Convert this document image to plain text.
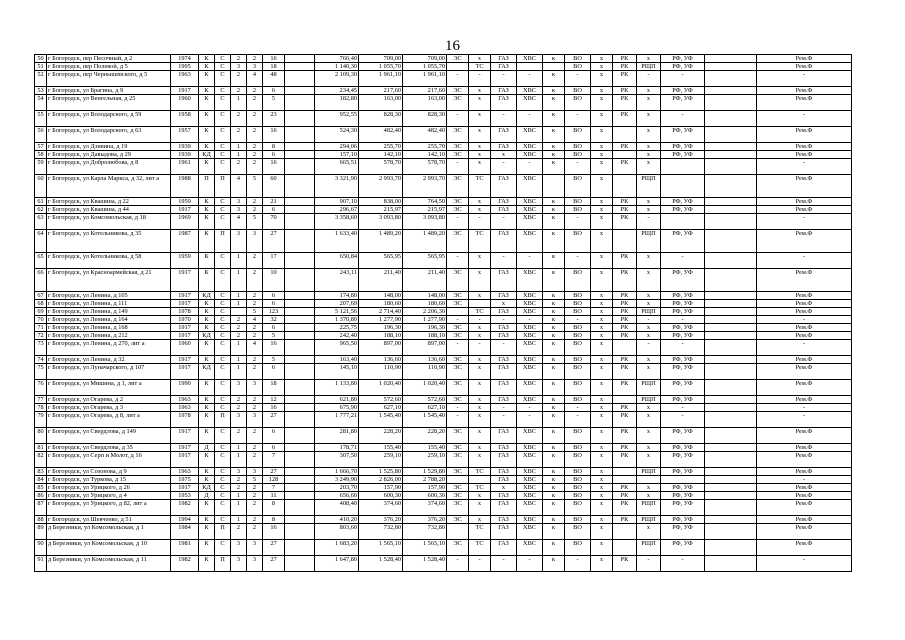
16
50	г Богородск, пер Песочный, д 2	1974	К	С	2	2	16		766,40	709,00	709,00	ЭС	х	ГАЗ	ХВС	к	ВО	х	РК	х	РФ, УФ		Рем.Ф
51	г Богородск, пер Полевой, д 5	1995	К	С	3	3	18		1 140,30	1 055,70	1 055,70		ТС	ГАЗ			ВО	х	РК	РЩП	РФ, УФ		Рем.Ф
52	г Богородск, пер Чернышевского, д 5	1963	К	С	2	4	48		2 109,30	1 961,10	1 961,10	-	-	-	-	к	-	х	РК	-	-		-
53	г Богородск, ул Брагина, д 9	1917	К	С	2	2	6		234,45	217,60	217,60	ЭС	х	ГАЗ	ХВС	к	ВО	х	РК	х	РФ, УФ		Рем.Ф
54	г Богородск, ул Венгельная, д 25	1960	К	С	1	2	5		182,80	163,00	163,00	ЭС	х	ГАЗ	ХВС	к	ВО	х	РК	х	РФ, УФ		Рем.Ф
55	г Богородск, ул Володарского, д 59	1958	К	С	2	2	23		952,55	828,30	828,30	-	х	-	-	к	-	х	РК	х	-		-
56	г Богородск, ул Володарского, д 63	1957	К	С	2	2	16		524,30	482,40	482,40	ЭС	х	ГАЗ	ХВС	к	ВО	х		х	РФ, УФ		Рем.Ф
57	г Богородск, ул Дзивина, д 19	1939	К	С	1	2	8		294,06	255,70	255,70	ЭС	х	ГАЗ	ХВС	к	ВО	х	РК	х	РФ, УФ		Рем.Ф
58	г Богородск, ул Давыдова, д 29	1939	КД	С	1	2	6		157,10	142,10	142,10	ЭС	х	х	ХВС	к	ВО	х		х	РФ, УФ		Рем.Ф
59	г Богородск, ул Добролюбова, д 8	1961	К	С	2	2	16		665,51	578,70	578,70	-	х	-	-	к	-	х	РК	х			-
60	г Богородск, ул Карла Маркса, д 32, лит а	1988	П	П	4	5	60		3 321,90	2 993,70	2 993,70	ЭС	ТС	ГАЗ	ХВС		ВО	х		РЩП			Рем.Ф
61	г Богородск, ул Квашина, д 22	1959	К	С	3	2	21		907,10	838,00	764,50	ЭС	х	ГАЗ	ХВС	к	ВО	х	РК	х	РФ, УФ		Рем.Ф
62	г Богородск, ул Квашина, д 44	1917	К	С	3	2	6		296,67	215,97	215,97	ЭС	х	ГАЗ	ХВС	к	ВО	х	РК	х	РФ, УФ		Рем.Ф
63	г Богородск, ул Комсомольская, д 18	1969	К	С	4	5	70		3 358,60	3 093,80	3 093,80	-	-	-	ХВС	к	-	х	РК	-			-
64	г Богородск, ул Котельникова, д 35	1987	К	П	3	3	27		1 633,40	1 489,20	1 489,20	ЭС	ТС	ГАЗ	ХВС	к	ВО	х		РЩП	РФ, УФ		Рем.Ф
65	г Богородск, ул Котельникова, д 58	1959	К	С	1	2	17		650,84	565,95	565,95	-	х	-	-	к	-	х	РК	х	-		-
66	г Богородск, ул Красноармейская, д 21	1917	К	С	1	2	10		243,11	211,40	211,40	ЭС	х	ГАЗ	ХВС	к	ВО	х	РК	х	РФ, УФ		Рем.Ф
67	г Богородск, ул Ленина, д 105	1917	КД	С	1	2	6		174,80	148,00	148,00	ЭС	х	ГАЗ	ХВС	к	ВО	х	РК	х	РФ, УФ		Рем.Ф
68	г Богородск, ул Ленина, д 111	1917	К	С	1	2	6		207,69	180,60	180,60	ЭС		х	ХВС	к	ВО	х	РК	х	РФ, УФ		Рем.Ф
69	г Богородск, ул Ленина, д 149	1978	К	С		5	123		5 121,56	2 714,40	2 206,30		ТС	ГАЗ	ХВС	к	ВО	х	РК	РЩП	РФ, УФ		Рем.Ф
70	г Богородск, ул Ленина, д 164	1970	К	С	2	4	32		1 370,80	1 277,90	1 277,90	-	-	-	-	к	-	х	РК	-	-		-
71	г Богородск, ул Ленина, д 168	1917	К	С	2	2	6		225,75	196,30	196,30	ЭС	х	ГАЗ	ХВС	к	ВО	х	РК	х	РФ, УФ		Рем.Ф
72	г Богородск, ул Ленина, д 212	1917	КД	С	2	2	5		242,40	188,10	188,10	ЭС	х	ГАЗ	ХВС	к	ВО	х	РК	х	РФ, УФ		Рем.Ф
73	г Богородск, ул Ленина, д 270, лит а	1960	К	С	1	4	16		965,50	897,00	897,00	-	-	-	ХВС	к	ВО	х		-	-		-
74	г Богородск, ул Ленина, д 32	1917	К	С	1	2	5		163,40	136,60	136,60	ЭС	х	ГАЗ	ХВС	к	ВО	х	РК	х	РФ, УФ		Рем.Ф
75	г Богородск, ул Луначарского, д 107	1917	КД	С	1	2	6		145,10	110,90	110,90	ЭС	х	ГАЗ	ХВС	к	ВО	х	РК	х	РФ, УФ		Рем.Ф
76	г Богородск, ул Мишина, д 1, лит а	1990	К	С	3	3	18		1 133,80	1 020,40	1 020,40	ЭС	х	ГАЗ	ХВС	к	ВО	х	РК	РЩП	РФ, УФ		Рем.Ф
77	г Богородск, ул Огарева, д 2	1963	К	С	2	2	12		621,80	572,60	572,60	ЭС	х	ГАЗ	ХВС	к	ВО	х		РЩП	РФ, УФ		Рем.Ф
78	г Богородск, ул Огарева, д 3	1963	К	С	2	2	16		675,90	627,10	627,10	-	х	-	-	к	-	х	РК	х	-		-
79	г Богородск, ул Огарева, д 8, лит а	1978	К	П	3	3	27		1 777,21	1 545,40	1 545,40	-	х	-	-	к	-	х	РК	х	-		-
80	г Богородск, ул Свердлова, д 149	1917	К	С	2	2	6		281,80	228,20	228,20	ЭС	х	ГАЗ	ХВС	к	ВО	х	РК	х	РФ, УФ		Рем.Ф
81	г Богородск, ул Свердлова, д 35	1917	Д	С	1	2	6		178,71	155,40	155,40	ЭС	х	ГАЗ	ХВС	к	ВО	х	РК	х	РФ, УФ		Рем.Ф
82	г Богородск, ул Серп и Молот, д 16	1917	К	С	1	2	7		307,50	259,10	259,10	ЭС	х	ГАЗ	ХВС	к	ВО	х	РК	х	РФ, УФ		Рем.Ф
83	г Богородск, ул Созонова, д 9	1963	К	С	3	3	27		1 666,70	1 525,80	1 529,80	ЭС	ТС	ГАЗ	ХВС	к	ВО	х		РЩП	РФ, УФ		Рем.Ф
84	г Богородск, ул Туркова, д 15	1975	К	С	2	5	128		3 249,90	2 826,00	2 788,20			ГАЗ	ХВС	к	ВО	х					-
85	г Богородск, ул Урицкого, д 26	1917	КД	С	2	2	7		203,70	157,90	157,90	ЭС	ТС	х	ХВС	к	ВО	х	РК	х	РФ, УФ		Рем.Ф
86	г Богородск, ул Урицкого, д 4	1953	Д	С	1	2	11		656,60	600,30	600,30	ЭС	х	ГАЗ	ХВС	к	ВО	х	РК	х	РФ, УФ		Рем.Ф
87	г Богородск, ул Урицкого, д 82, лит а	1982	К	С	1	2	8		408,40	374,60	374,60	ЭС	х	ГАЗ	ХВС	к	ВО	х	РК	РЩП	РФ, УФ		Рем.Ф
88	г Богородск, ул Шевченко, д 51	1994	К	С	1	2	8		410,20	376,20	376,20	ЭС	х	ГАЗ	ХВС	к	ВО	х	РК	РЩП	РФ, УФ		Рем.Ф
89	д Березники, ул Комсомольская, д 1	1984	К	П	2	2	16		803,60	732,80	732,80		ТС	ГАЗ	ХВС	к	ВО	х		х	РФ, УФ		Рем.Ф
90	д Березники, ул Комсомольская, д 10	1981	К	С	3	3	27		1 683,20	1 565,10	1 565,10	ЭС	ТС	ГАЗ	ХВС	к	ВО	х		РЩП	РФ, УФ		Рем.Ф
91	д Березники, ул Комсомольская, д 11	1982	К	П	3	3	27		1 647,80	1 528,40	1 528,40	-	-	-	-	к	-	х	РК	-	-		-
